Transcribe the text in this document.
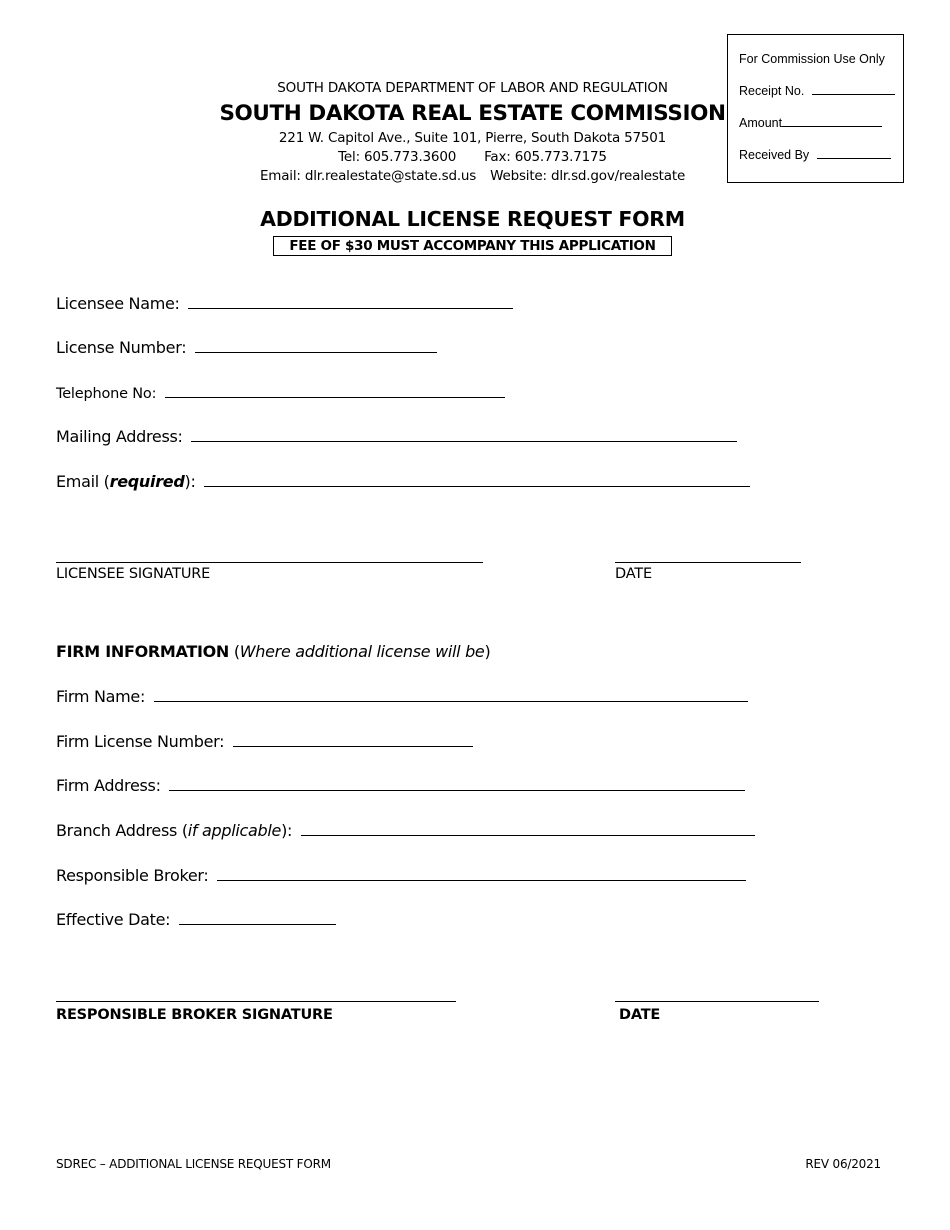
For Commission Use Only
Receipt No.
Amount
Received By
SOUTH DAKOTA DEPARTMENT OF LABOR AND REGULATION
SOUTH DAKOTA REAL ESTATE COMMISSION
221 W. Capitol Ave., Suite 101, Pierre, South Dakota 57501
Tel: 605.773.3600 Fax: 605.773.7175
Email: dlr.realestate@state.sd.us Website: dlr.sd.gov/realestate
ADDITIONAL LICENSE REQUEST FORM
FEE OF $30 MUST ACCOMPANY THIS APPLICATION
Licensee Name:
License Number:
Telephone No:
Mailing Address:
Email (required):
LICENSEE SIGNATURE	DATE
FIRM INFORMATION (Where additional license will be)
Firm Name:
Firm License Number:
Firm Address:
Branch Address (if applicable):
Responsible Broker:
Effective Date:
RESPONSIBLE BROKER SIGNATURE	DATE
SDREC – ADDITIONAL LICENSE REQUEST FORM	REV 06/2021
